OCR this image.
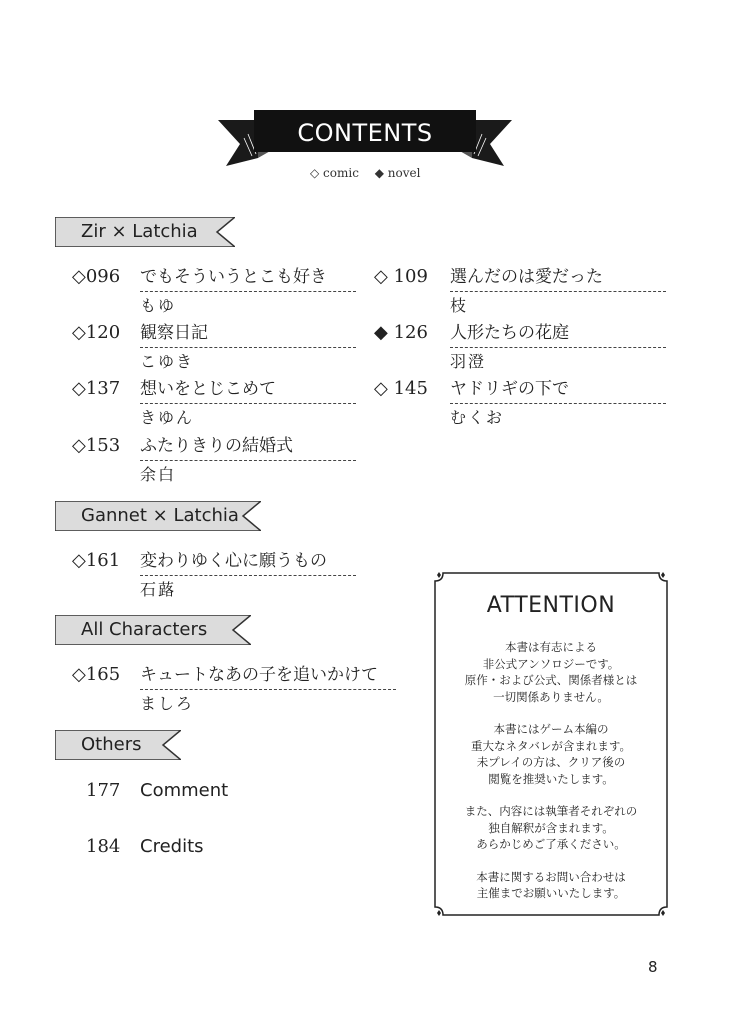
CONTENTS
◇ comic ◆ novel
Zir × Latchia
◇096 でもそういうとこも好き
もゆ
◇ 109 選んだのは愛だった
枝
◇120 観察日記
こゆき
◆ 126 人形たちの花庭
羽澄
◇137 想いをとじこめて
きゆん
◇ 145 ヤドリギの下で
むくお
◇153 ふたりきりの結婚式
余白
Gannet × Latchia
◇161 変わりゆく心に願うもの
石蕗
All Characters
◇165 キュートなあの子を追いかけて
ましろ
Others
177 Comment
184 Credits
ATTENTION

本書は有志による
非公式アンソロジーです。
原作・および公式、関係者様とは
一切関係ありません。

本書にはゲーム本編の
重大なネタバレが含まれます。
未プレイの方は、クリア後の
閲覧を推奨いたします。

また、内容には執筆者それぞれの
独自解釈が含まれます。
あらかじめご了承ください。

本書に関するお問い合わせは
主催までお願いいたします。

8
